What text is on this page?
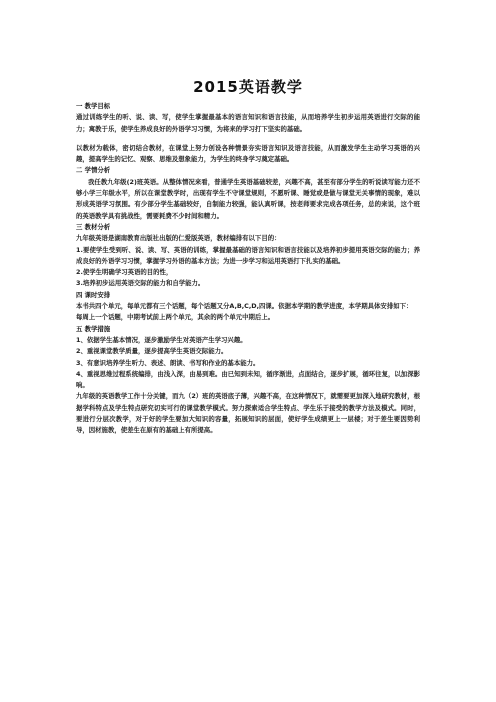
2015英语教学

一 教学目标

通过训练学生的听、说、读、写，使学生掌握最基本的语言知识和语言技能，从而培养学生初步运用英语进行交际的能力；寓教于乐，使学生养成良好的外语学习习惯，为将来的学习打下坚实的基础。

以教材为载体，密切结合教材，在课堂上努力创设各种情景夯实语言知识及语言技能，从而激发学生主动学习英语的兴趣，提高学生的记忆、观察、思维及想象能力，为学生的终身学习奠定基础。

二 学情分析

我任教九年级(2)班英语。从整体情况来看，普通学生英语基础较差，兴趣不高，甚至有部分学生的听说读写能力还不够小学三年级水平，所以在课堂教学时，出现有学生不守课堂规则，不愿听课、睡觉或是做与课堂无关事情的现象，难以形成英语学习氛围。有少部分学生基础较好，自制能力较强，能认真听课，按老师要求完成各项任务，总的来说，这个班的英语教学具有挑战性，需要耗费不少时间和精力。

三 教材分析

九年级英语是湖南教育出版社出版的仁爱版英语，教材编排有以下目的：

1.要使学生受到听、说、读、写、英语的训练，掌握最基础的语言知识和语言技能以及培养初步提用英语交际的能力；养成良好的外语学习习惯，掌握学习外语的基本方法；为进一步学习和运用英语打下扎实的基础。

2.使学生明确学习英语的目的性，

3.培养初步运用英语交际的能力和自学能力。

四 课时安排

本书共四个单元，每单元都有三个话题，每个话题又分A,B,C,D,四课。依据本学期的教学进度，本学期具体安排如下：

每周上一个话题，中期考试前上两个单元，其余的两个单元中期后上。

五 教学措施

1、依据学生基本情况，逐步激励学生对英语产生学习兴趣。

2、重视课堂教学质量，逐步提高学生英语交际能力。

3、有意识培养学生听力、表述、朗读、书写和作业的基本能力。

4、重视思维过程系统编排，由浅入深，由易到难。由已知到未知，循序渐进，点面结合，逐步扩展，循环往复，以加深影响。

九年级的英语教学工作十分关键，而九（2）班的英语底子薄，兴趣不高，在这种情况下，就需要更加深入地研究教材，根据学科特点及学生特点研究切实可行的课堂教学模式。努力探索适合学生特点、学生乐于接受的教学方法及模式。同时，要进行分层次教学，对于好的学生要加大知识的容量，拓展知识的层面，使好学生成绩更上一层楼；对于差生要因势利导，因材施教，使差生在原有的基础上有所提高。
